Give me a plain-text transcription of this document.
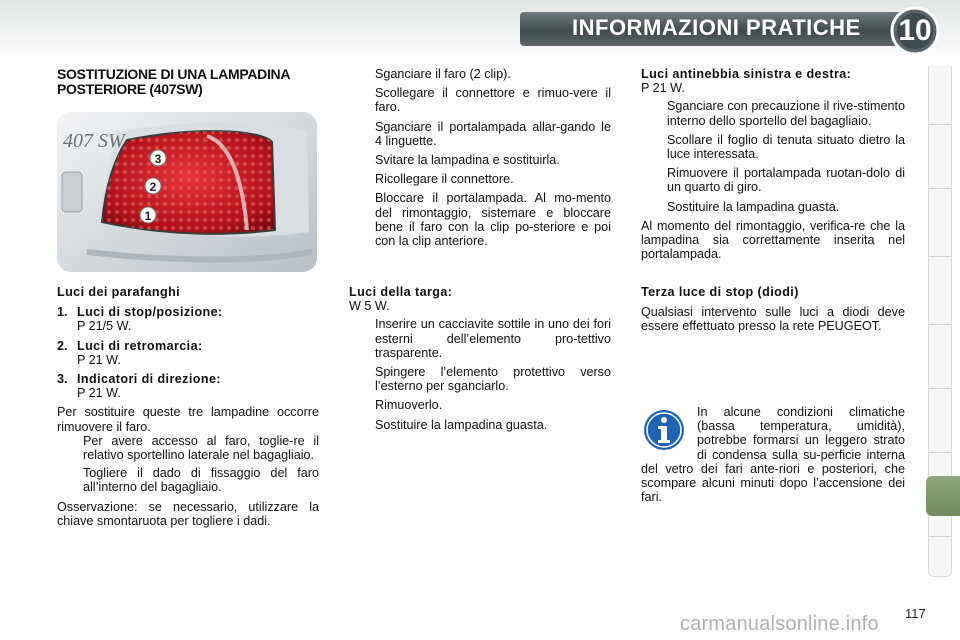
INFORMAZIONI PRATICHE	10
SOSTITUZIONE DI UNA LAMPADINA POSTERIORE (407SW)
407 SW
3
2
1

Luci dei parafanghi

1. Luci di stop/posizione:
P 21/5 W.
2. Luci di retromarcia:
P 21 W.
3. Indicatori di direzione:
P 21 W.

Per sostituire queste tre lampadine occorre rimuovere il faro.

Per avere accesso al faro, toglie-re il relativo sportellino laterale nel bagagliaio.
Togliere il dado di fissaggio del faro all’interno del bagagliaio.

Osservazione: se necessario, utilizzare la chiave smontaruota per togliere i dadi.

Sganciare il faro (2 clip).
Scollegare il connettore e rimuo-vere il faro.
Sganciare il portalampada allar-gando le 4 linguette.
Svitare la lampadina e sostituirla.
Ricollegare il connettore.
Bloccare il portalampada. Al mo-mento del rimontaggio, sistemare e bloccare bene il faro con la clip po-steriore e poi con la clip anteriore.

Luci della targa:

W 5 W.

Inserire un cacciavite sottile in uno dei fori esterni dell’elemento pro-tettivo trasparente.
Spingere l’elemento protettivo verso l’esterno per sganciarlo.
Rimuoverlo.
Sostituire la lampadina guasta.

Luci antinebbia sinistra e destra:

P 21 W.

Sganciare con precauzione il rive-stimento interno dello sportello del bagagliaio.
Scollare il foglio di tenuta situato dietro la luce interessata.
Rimuovere il portalampada ruotan-dolo di un quarto di giro.
Sostituire la lampadina guasta.

Al momento del rimontaggio, verifica-re che la lampadina sia correttamente inserita nel portalampada.

Terza luce di stop (diodi)

Qualsiasi intervento sulle luci a diodi deve essere effettuato presso la rete PEUGEOT.

In alcune condizioni climatiche (bassa temperatura, umidità), potrebbe formarsi un leggero strato di condensa sulla su-perficie interna del vetro dei fari ante-riori e posteriori, che scompare alcuni minuti dopo l’accensione dei fari.

carmanualsonline.info 117
